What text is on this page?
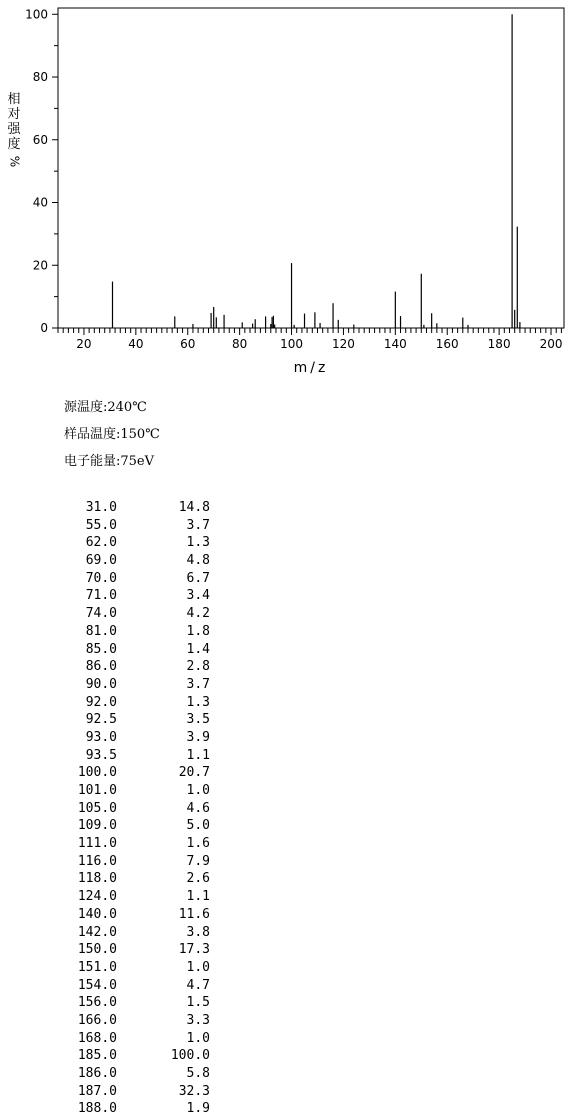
0
20
40
60
80
100
20	40	60	80	100 120 140 160 180 200
m/z
相
对
强
度
%
源温度:240℃
样品温度:150℃
电子能量:75eV
31.0	14.8
55.0	3.7
62.0	1.3
69.0	4.8
70.0	6.7
71.0	3.4
74.0	4.2
81.0	1.8
85.0	1.4
86.0	2.8
90.0	3.7
92.0	1.3
92.5	3.5
93.0	3.9
93.5	1.1
100.0	20.7
101.0	1.0
105.0	4.6
109.0	5.0
111.0	1.6
116.0	7.9
118.0	2.6
124.0	1.1
140.0	11.6
142.0	3.8
150.0	17.3
151.0	1.0
154.0	4.7
156.0	1.5
166.0	3.3
168.0	1.0
185.0	100.0
186.0	5.8
187.0	32.3
188.0	1.9
